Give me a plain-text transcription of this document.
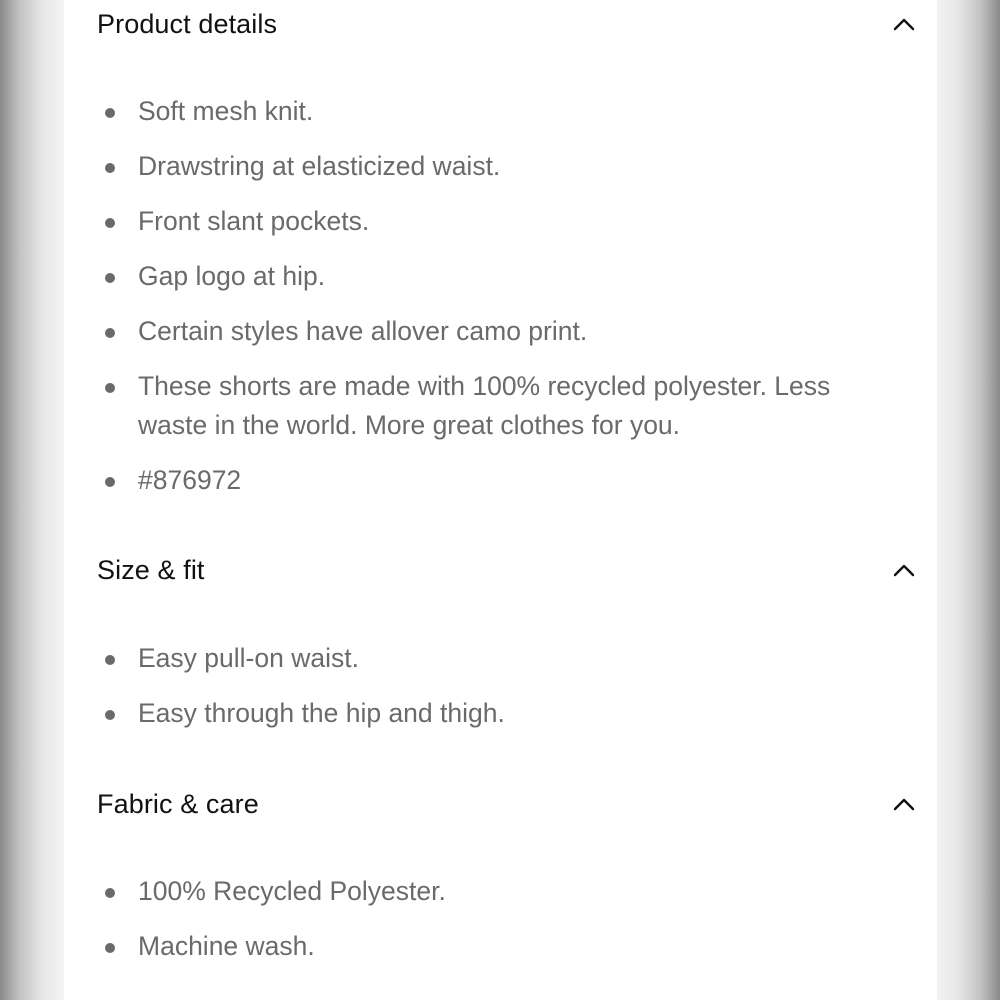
Product details
Soft mesh knit.
Drawstring at elasticized waist.
Front slant pockets.
Gap logo at hip.
Certain styles have allover camo print.
These shorts are made with 100% recycled polyester. Less waste in the world. More great clothes for you.
#876972
Size & fit
Easy pull-on waist.
Easy through the hip and thigh.
Fabric & care
100% Recycled Polyester.
Machine wash.
